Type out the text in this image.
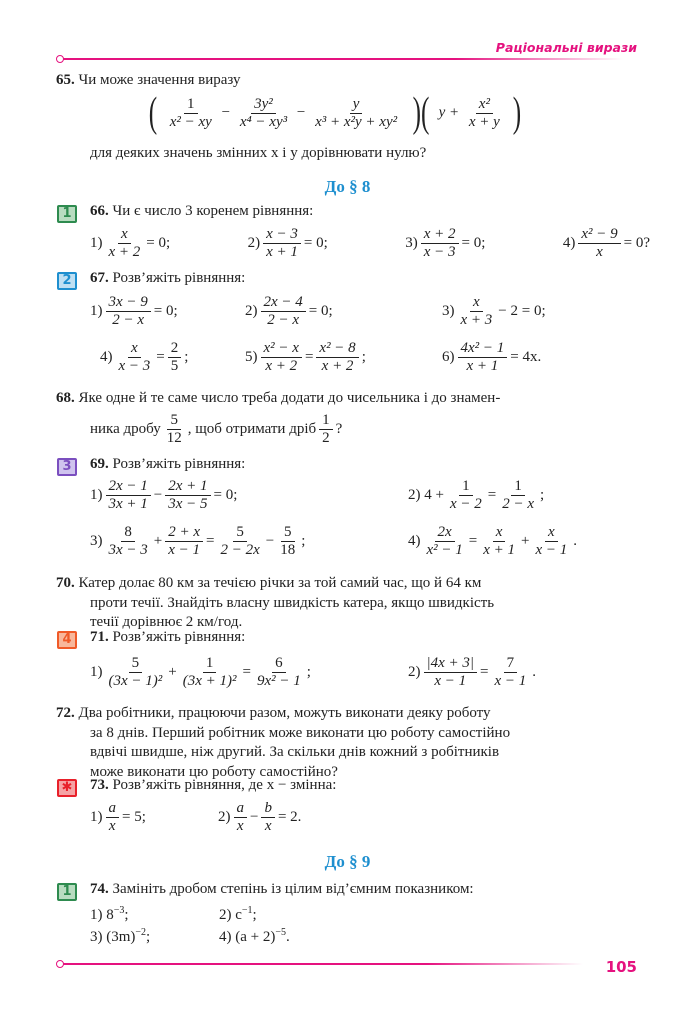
Раціональні вирази
65. Чи може значення виразу
( $\frac{1}{\text{x² − xy}} - \frac{\text{3y²}}{\text{x⁴ − xy³}} - \frac{y}{\text{x³ + x²y + xy²}}$ )( $y + \frac{\text{x²}}{x + y}$ )
для деяких значень змінних x і y дорівнювати нулю?
До § 8
1	66. Чи є число 3 коренем рівняння:
$1) \frac{x}{x + 2} = 0$;	$2) \frac{x - 3}{x + 1} = 0$;	$3) \frac{x + 2}{x - 3} = 0$;	$4) \frac{\text{x² − 9}}{x} = 0$?
2	67. Розв’яжіть рівняння:
$1) \frac{3x - 9}{2 - x} = 0$;	$2) \frac{2x - 4}{2 - x} = 0$;	$3) \frac{x}{x + 3} - 2 = 0$;
$4) \frac{x}{x - 3} = \frac{2}{5}$ ;	$5) \frac{\text{x² − x}}{x + 2} = \frac{\text{x² − 8}}{x + 2}$ ;	$6) \frac{\text{4x² − 1}}{x + 1} = 4x$.
68. Яке одне й те саме число треба додати до чисельника і до знамен-
ника дробу $\frac{5}{12}$ , щоб отримати дріб $\frac{1}{2}$ ?
3	69. Розв’яжіть рівняння:
$1) \frac{2x - 1}{3x + 1} - \frac{2x + 1}{3x - 5} = 0$;	2) $4 + \frac{1}{x - 2} = \frac{1}{2 - x}$ ;
$3) \frac{8}{3x - 3} + \frac{2 + x}{x - 1} = \frac{5}{2 - 2x} - \frac{5}{18}$ ;	$4) \frac{2x}{\text{x² − 1}} = \frac{x}{x + 1} + \frac{x}{x - 1}$ .
70. Катер долає 80 км за течією річки за той самий час, що й 64 км
проти течії. Знайдіть власну швидкість катера, якщо швидкість
течії дорівнює 2 км/год.
4	71. Розв’яжіть рівняння:
$1) \frac{5}{\text{(3x − 1)²}} + \frac{1}{\text{(3x + 1)²}} = \frac{6}{\text{9x² − 1}}$ ;	$2) \frac{|4x + 3|}{x - 1} = \frac{7}{x - 1}$ .
72. Два робітники, працюючи разом, можуть виконати деяку роботу
за 8 днів. Перший робітник може виконати цю роботу самостійно
вдвічі швидше, ніж другий. За скільки днів кожний з робітників
може виконати цю роботу самостійно?
✱	73. Розв’яжіть рівняння, де x − змінна:
$1) \frac{a}{x} = 5$;	$2) \frac{a}{x} - \frac{b}{x} = 2$.
До § 9
1	74. Замініть дробом степінь із цілим від’ємним показником:
1) $8^{-3}$;	2) $c^{-1}$;
3) $(3m)^{-2}$;	4) $(a + 2)^{-5}$.
105
